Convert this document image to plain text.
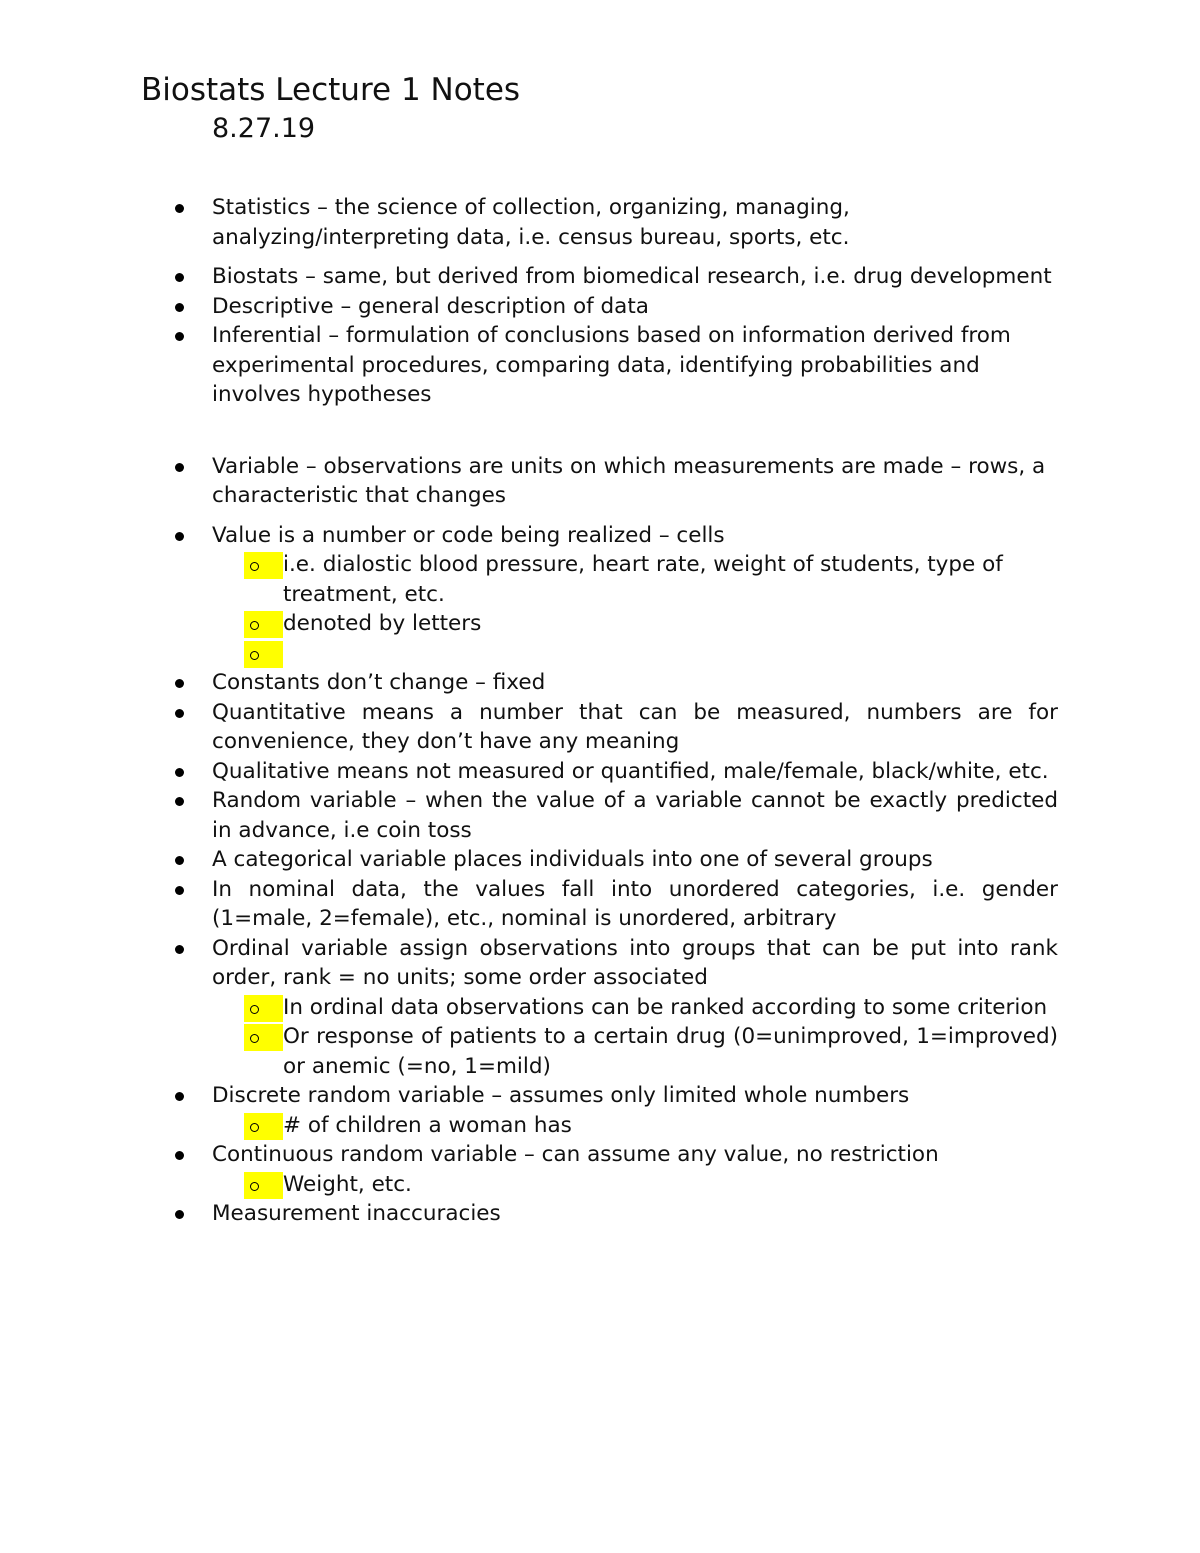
Biostats Lecture 1 Notes
8.27.19
Statistics – the science of collection, organizing, managing, analyzing/interpreting data, i.e. census bureau, sports, etc.
Biostats – same, but derived from biomedical research, i.e. drug development
Descriptive – general description of data
Inferential – formulation of conclusions based on information derived from experimental procedures, comparing data, identifying probabilities and involves hypotheses
Variable – observations are units on which measurements are made – rows, a characteristic that changes
Value is a number or code being realized – cells
i.e. dialostic blood pressure, heart rate, weight of students, type of treatment, etc.
denoted by letters
Constants don’t change – fixed
Quantitative means a number that can be measured, numbers are for convenience, they don’t have any meaning
Qualitative means not measured or quantified, male/female, black/white, etc.
Random variable – when the value of a variable cannot be exactly predicted in advance, i.e coin toss
A categorical variable places individuals into one of several groups
In nominal data, the values fall into unordered categories, i.e. gender (1=male, 2=female), etc., nominal is unordered, arbitrary
Ordinal variable assign observations into groups that can be put into rank order, rank = no units; some order associated
In ordinal data observations can be ranked according to some criterion
Or response of patients to a certain drug (0=unimproved, 1=improved) or anemic (=no, 1=mild)
Discrete random variable – assumes only limited whole numbers
# of children a woman has
Continuous random variable – can assume any value, no restriction
Weight, etc.
Measurement inaccuracies
